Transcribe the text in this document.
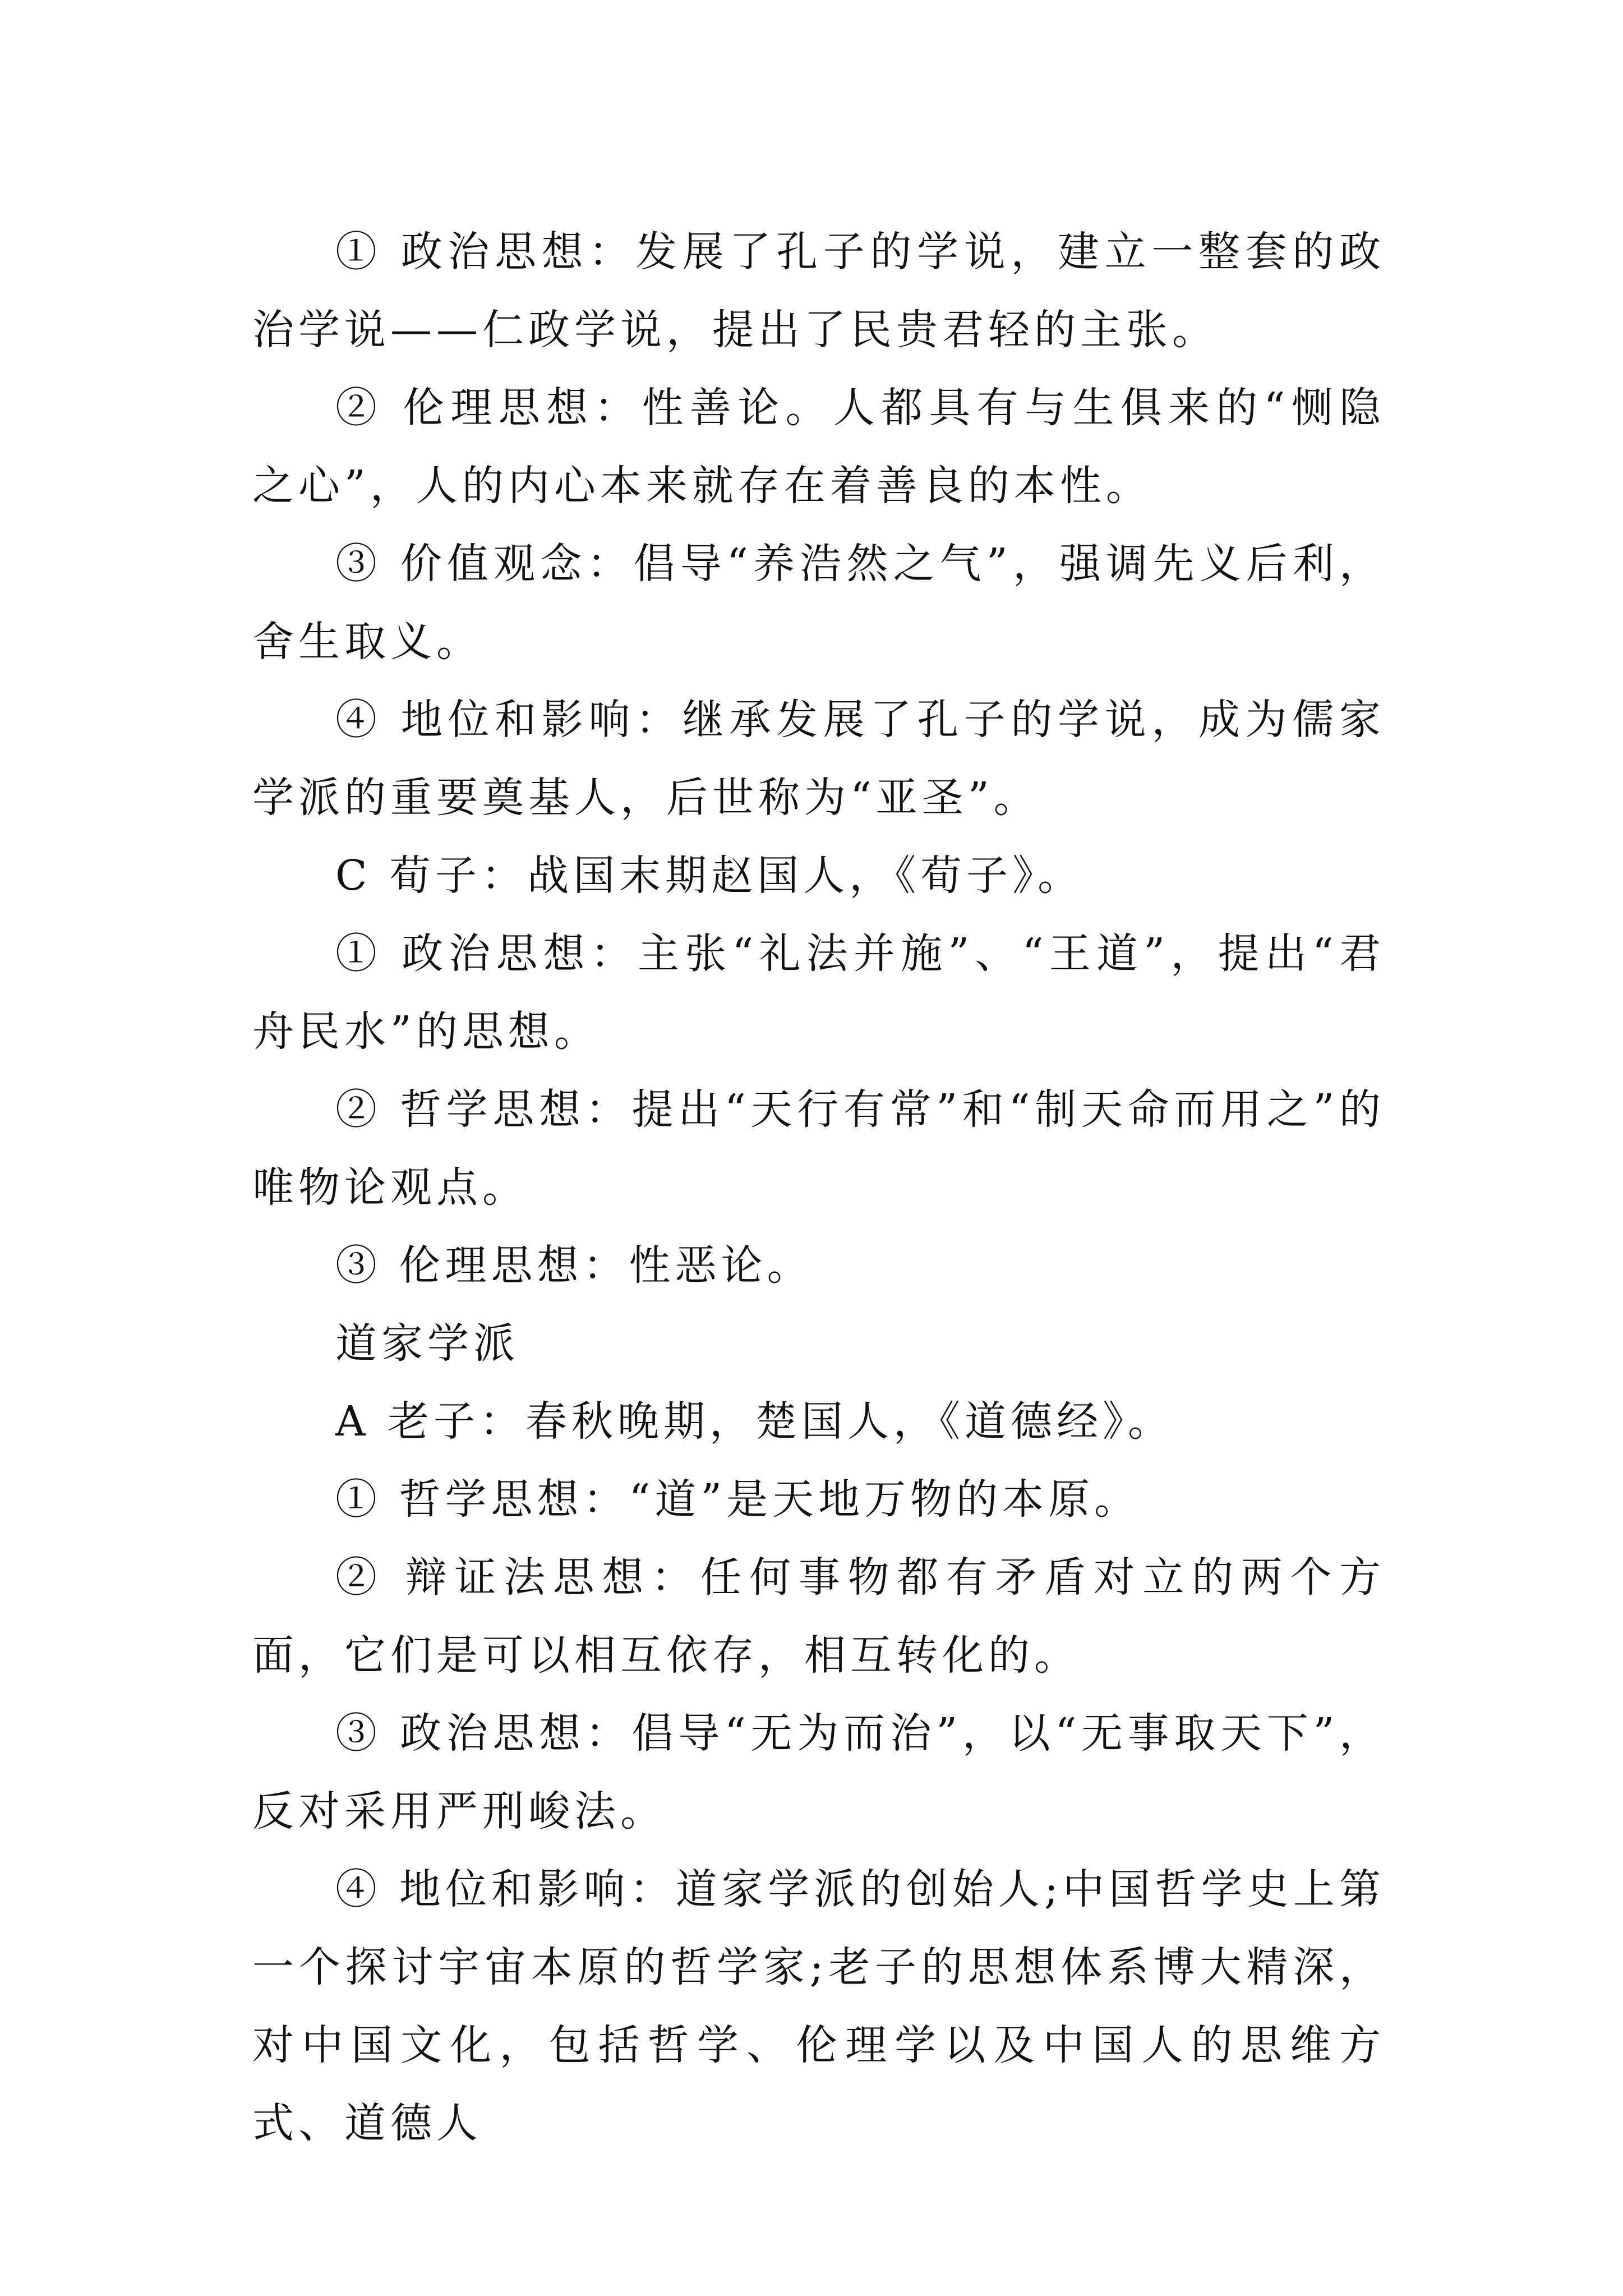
① 政治思想：发展了孔子的学说，建立一整套的政治学说——仁政学说，提出了民贵君轻的主张。

② 伦理思想：性善论。人都具有与生俱来的“恻隐之心”，人的内心本来就存在着善良的本性。

③ 价值观念：倡导“养浩然之气”，强调先义后利，舍生取义。

④ 地位和影响：继承发展了孔子的学说，成为儒家学派的重要奠基人，后世称为“亚圣”。

C 荀子：战国末期赵国人，《荀子》。

① 政治思想：主张“礼法并施”、“王道”，提出“君舟民水”的思想。

② 哲学思想：提出“天行有常”和“制天命而用之”的唯物论观点。

③ 伦理思想：性恶论。

道家学派

A 老子：春秋晚期，楚国人，《道德经》。

① 哲学思想：“道”是天地万物的本原。

② 辩证法思想：任何事物都有矛盾对立的两个方面，它们是可以相互依存，相互转化的。

③ 政治思想：倡导“无为而治”，以“无事取天下”，反对采用严刑峻法。

④ 地位和影响：道家学派的创始人;中国哲学史上第一个探讨宇宙本原的哲学家;老子的思想体系博大精深，对中国文化，包括哲学、伦理学以及中国人的思维方式、道德人
